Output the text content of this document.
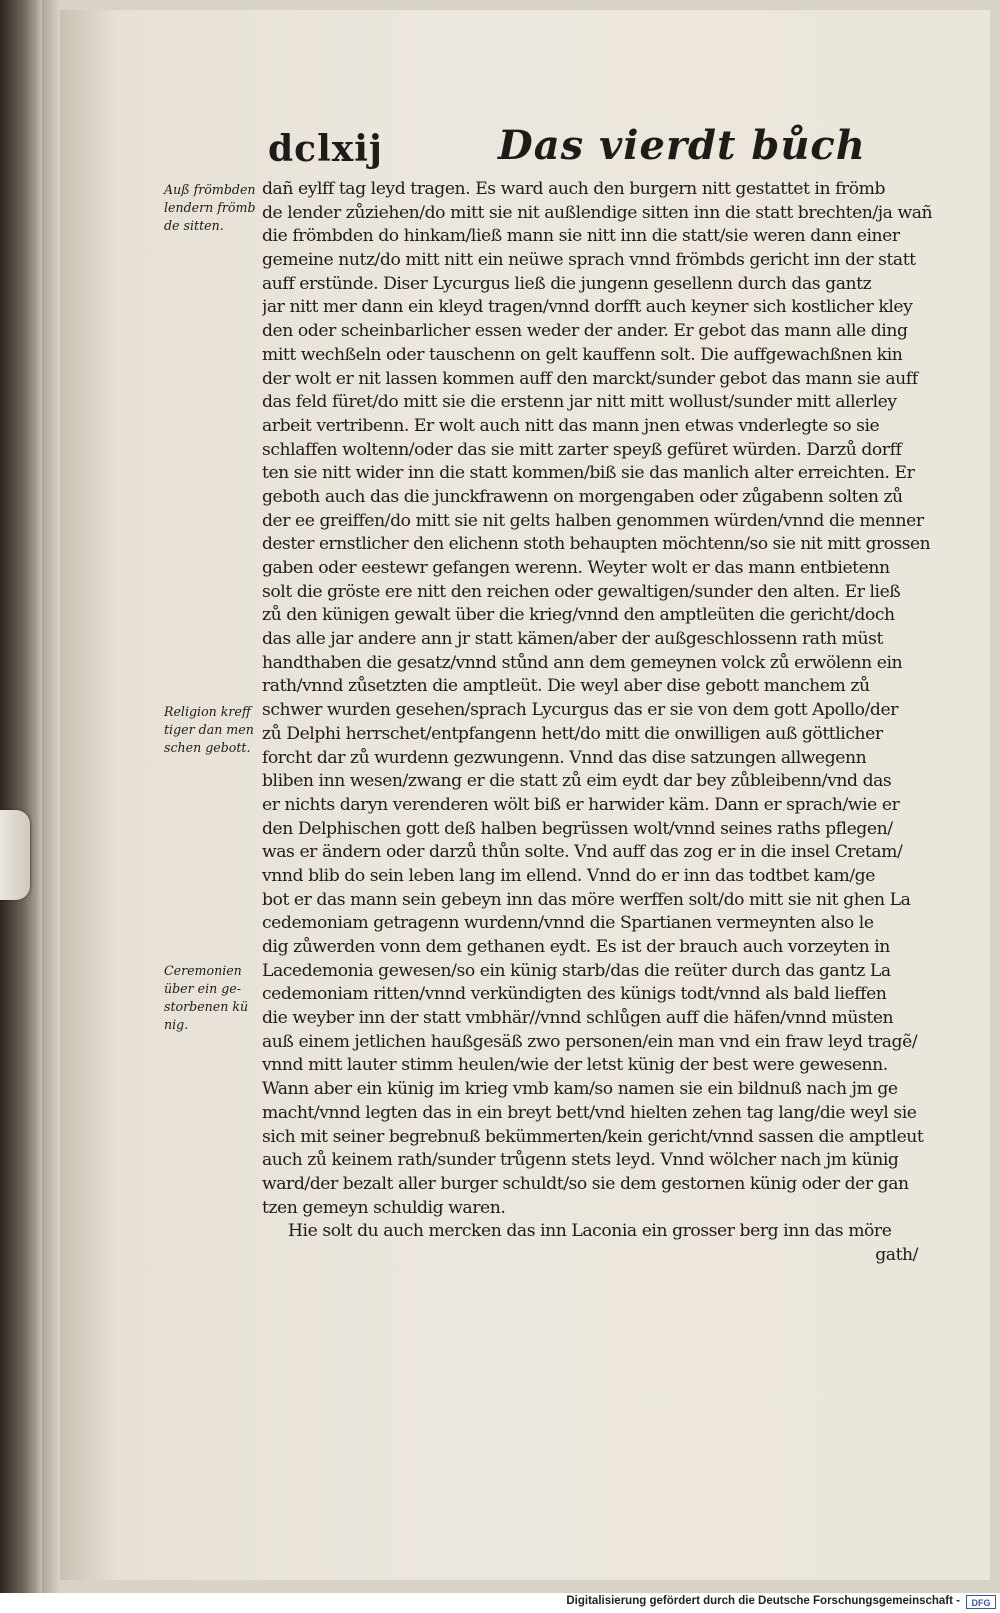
dclxij	Das vierdt bůch
Auß frömbden
lendern frömb
de sitten.
Religion kreff
tiger dan men
schen gebott.
Ceremonien
über ein ge-
storbenen kü
nig.
dañ eylff tag leyd tragen. Es ward auch den burgern nitt gestattet in frömb
de lender zůziehen/do mitt sie nit außlendige sitten inn die statt brechten/ja wañ
die frömbden do hinkam/ließ mann sie nitt inn die statt/sie weren dann einer
gemeine nutz/do mitt nitt ein neüwe sprach vnnd frömbds gericht inn der statt
auff erstünde. Diser Lycurgus ließ die jungenn gesellenn durch das gantz
jar nitt mer dann ein kleyd tragen/vnnd dorfft auch keyner sich kostlicher kley
den oder scheinbarlicher essen weder der ander. Er gebot das mann alle ding
mitt wechßeln oder tauschenn on gelt kauffenn solt. Die auffgewachßnen kin
der wolt er nit lassen kommen auff den marckt/sunder gebot das mann sie auff
das feld füret/do mitt sie die erstenn jar nitt mitt wollust/sunder mitt allerley
arbeit vertribenn. Er wolt auch nitt das mann jnen etwas vnderlegte so sie
schlaffen woltenn/oder das sie mitt zarter speyß gefüret würden. Darzů dorff
ten sie nitt wider inn die statt kommen/biß sie das manlich alter erreichten. Er
geboth auch das die junckfrawenn on morgengaben oder zůgabenn solten zů
der ee greiffen/do mitt sie nit gelts halben genommen würden/vnnd die menner
dester ernstlicher den elichenn stoth behaupten möchtenn/so sie nit mitt grossen
gaben oder eestewr gefangen werenn. Weyter wolt er das mann entbietenn
solt die gröste ere nitt den reichen oder gewaltigen/sunder den alten. Er ließ
zů den künigen gewalt über die krieg/vnnd den amptleüten die gericht/doch
das alle jar andere ann jr statt kämen/aber der außgeschlossenn rath müst
handthaben die gesatz/vnnd stůnd ann dem gemeynen volck zů erwölenn ein
rath/vnnd zůsetzten die amptleüt. Die weyl aber dise gebott manchem zů
schwer wurden gesehen/sprach Lycurgus das er sie von dem gott Apollo/der
zů Delphi herrschet/entpfangenn hett/do mitt die onwilligen auß göttlicher
forcht dar zů wurdenn gezwungenn. Vnnd das dise satzungen allwegenn
bliben inn wesen/zwang er die statt zů eim eydt dar bey zůbleibenn/vnd das
er nichts daryn verenderen wölt biß er harwider käm. Dann er sprach/wie er
den Delphischen gott deß halben begrüssen wolt/vnnd seines raths pflegen/
was er ändern oder darzů thůn solte. Vnd auff das zog er in die insel Cretam/
vnnd blib do sein leben lang im ellend. Vnnd do er inn das todtbet kam/ge
bot er das mann sein gebeyn inn das möre werffen solt/do mitt sie nit ghen La
cedemoniam getragenn wurdenn/vnnd die Spartianen vermeynten also le
dig zůwerden vonn dem gethanen eydt. Es ist der brauch auch vorzeyten in
Lacedemonia gewesen/so ein künig starb/das die reüter durch das gantz La
cedemoniam ritten/vnnd verkündigten des künigs todt/vnnd als bald lieffen
die weyber inn der statt vmbhär//vnnd schlůgen auff die häfen/vnnd müsten
auß einem jetlichen haußgesäß zwo personen/ein man vnd ein fraw leyd tragẽ/
vnnd mitt lauter stimm heulen/wie der letst künig der best were gewesenn.
Wann aber ein künig im krieg vmb kam/so namen sie ein bildnuß nach jm ge
macht/vnnd legten das in ein breyt bett/vnd hielten zehen tag lang/die weyl sie
sich mit seiner begrebnuß bekümmerten/kein gericht/vnnd sassen die amptleut
auch zů keinem rath/sunder trůgenn stets leyd. Vnnd wölcher nach jm künig
ward/der bezalt aller burger schuldt/so sie dem gestornen künig oder der gan
tzen gemeyn schuldig waren.
Hie solt du auch mercken das inn Laconia ein grosser berg inn das möre
gath/
Digitalisierung gefördert durch die Deutsche Forschungsgemeinschaft -	DFG
